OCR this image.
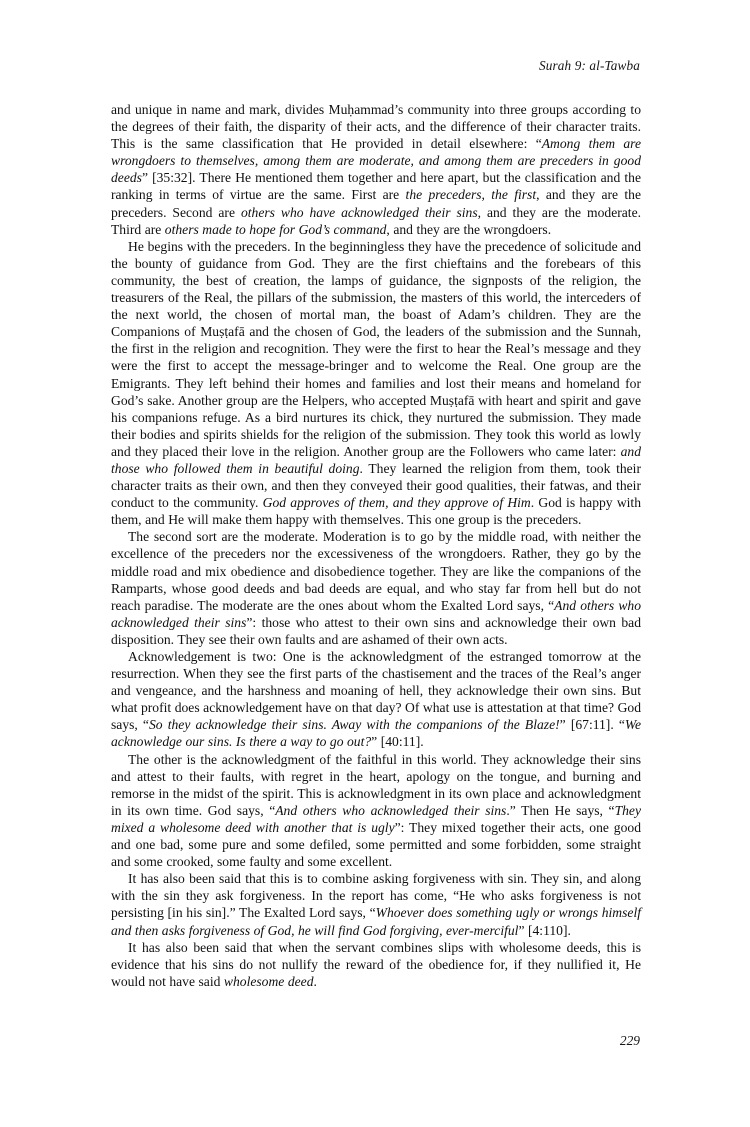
Surah 9: al-Tawba

and unique in name and mark, divides Muḥammad’s community into three groups according to the degrees of their faith, the disparity of their acts, and the difference of their character traits. This is the same classification that He provided in detail elsewhere: “Among them are wrongdoers to themselves, among them are moderate, and among them are preceders in good deeds” [35:32]. There He mentioned them together and here apart, but the classification and the ranking in terms of virtue are the same. First are the preceders, the first, and they are the preceders. Second are others who have acknowledged their sins, and they are the moderate. Third are others made to hope for God’s command, and they are the wrongdoers.

He begins with the preceders. In the beginningless they have the precedence of solicitude and the bounty of guidance from God. They are the first chieftains and the forebears of this community, the best of creation, the lamps of guidance, the signposts of the religion, the treasurers of the Real, the pillars of the submission, the masters of this world, the interceders of the next world, the chosen of mortal man, the boast of Adam’s children. They are the Companions of Muṣṭafā and the chosen of God, the leaders of the submission and the Sunnah, the first in the religion and recognition. They were the first to hear the Real’s message and they were the first to accept the message-bringer and to welcome the Real. One group are the Emigrants. They left behind their homes and families and lost their means and homeland for God’s sake. Another group are the Helpers, who accepted Muṣṭafā with heart and spirit and gave his companions refuge. As a bird nurtures its chick, they nurtured the submission. They made their bodies and spirits shields for the religion of the submission. They took this world as lowly and they placed their love in the religion. Another group are the Followers who came later: and those who followed them in beautiful doing. They learned the religion from them, took their character traits as their own, and then they conveyed their good qualities, their fatwas, and their conduct to the community. God approves of them, and they approve of Him. God is happy with them, and He will make them happy with themselves. This one group is the preceders.

The second sort are the moderate. Moderation is to go by the middle road, with neither the excellence of the preceders nor the excessiveness of the wrongdoers. Rather, they go by the middle road and mix obedience and disobedience together. They are like the companions of the Ramparts, whose good deeds and bad deeds are equal, and who stay far from hell but do not reach paradise. The moderate are the ones about whom the Exalted Lord says, “And others who acknowledged their sins”: those who attest to their own sins and acknowledge their own bad disposition. They see their own faults and are ashamed of their own acts.

Acknowledgement is two: One is the acknowledgment of the estranged tomorrow at the resurrection. When they see the first parts of the chastisement and the traces of the Real’s anger and vengeance, and the harshness and moaning of hell, they acknowledge their own sins. But what profit does acknowledgement have on that day? Of what use is attestation at that time? God says, “So they acknowledge their sins. Away with the companions of the Blaze!” [67:11]. “We acknowledge our sins. Is there a way to go out?” [40:11].

The other is the acknowledgment of the faithful in this world. They acknowledge their sins and attest to their faults, with regret in the heart, apology on the tongue, and burning and remorse in the midst of the spirit. This is acknowledgment in its own place and acknowledgment in its own time. God says, “And others who acknowledged their sins.” Then He says, “They mixed a wholesome deed with another that is ugly”: They mixed together their acts, one good and one bad, some pure and some defiled, some permitted and some forbidden, some straight and some crooked, some faulty and some excellent.

It has also been said that this is to combine asking forgiveness with sin. They sin, and along with the sin they ask forgiveness. In the report has come, “He who asks forgiveness is not persisting [in his sin].” The Exalted Lord says, “Whoever does something ugly or wrongs himself and then asks forgiveness of God, he will find God forgiving, ever-merciful” [4:110].

It has also been said that when the servant combines slips with wholesome deeds, this is evidence that his sins do not nullify the reward of the obedience for, if they nullified it, He would not have said wholesome deed.

229
